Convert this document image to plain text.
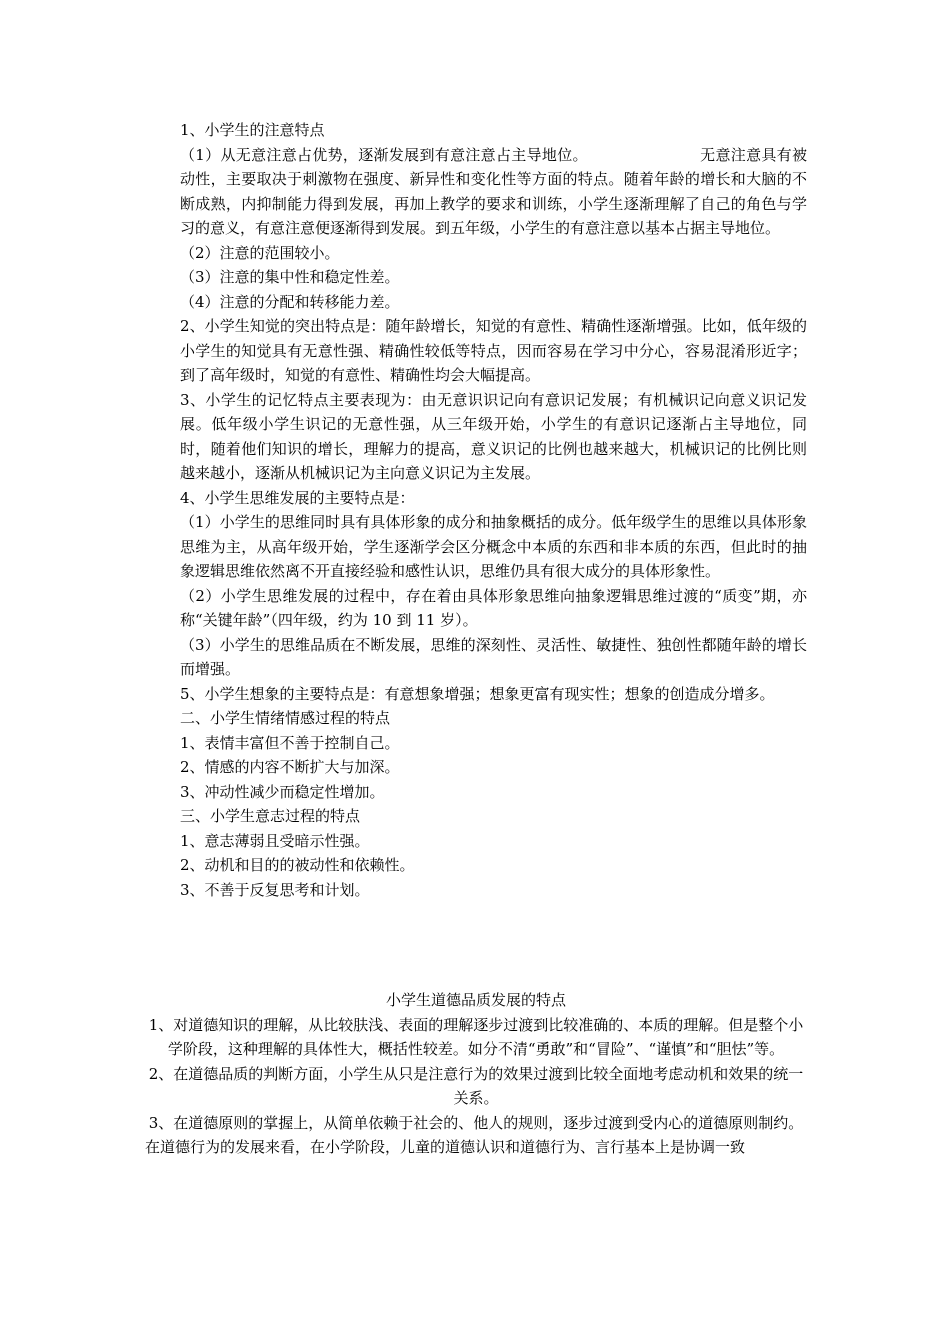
1、小学生的注意特点

（1）从无意注意占优势，逐渐发展到有意注意占主导地位。	无意注意具有被动性，主要取决于刺激物在强度、新异性和变化性等方面的特点。随着年龄的增长和大脑的不断成熟，内抑制能力得到发展，再加上教学的要求和训练，小学生逐渐理解了自己的角色与学习的意义，有意注意便逐渐得到发展。到五年级，小学生的有意注意以基本占据主导地位。

（2）注意的范围较小。

（3）注意的集中性和稳定性差。

（4）注意的分配和转移能力差。

2、小学生知觉的突出特点是：随年龄增长，知觉的有意性、精确性逐渐增强。比如，低年级的小学生的知觉具有无意性强、精确性较低等特点，因而容易在学习中分心，容易混淆形近字；到了高年级时，知觉的有意性、精确性均会大幅提高。

3、小学生的记忆特点主要表现为：由无意识识记向有意识记发展；有机械识记向意义识记发展。低年级小学生识记的无意性强，从三年级开始，小学生的有意识记逐渐占主导地位，同时，随着他们知识的增长，理解力的提高，意义识记的比例也越来越大，机械识记的比例比则越来越小，逐渐从机械识记为主向意义识记为主发展。

4、小学生思维发展的主要特点是：

（1）小学生的思维同时具有具体形象的成分和抽象概括的成分。低年级学生的思维以具体形象思维为主，从高年级开始，学生逐渐学会区分概念中本质的东西和非本质的东西，但此时的抽象逻辑思维依然离不开直接经验和感性认识，思维仍具有很大成分的具体形象性。

（2）小学生思维发展的过程中，存在着由具体形象思维向抽象逻辑思维过渡的“质变”期，亦称“关键年龄”（四年级，约为 10 到 11 岁）。

（3）小学生的思维品质在不断发展，思维的深刻性、灵活性、敏捷性、独创性都随年龄的增长而增强。

5、小学生想象的主要特点是：有意想象增强；想象更富有现实性；想象的创造成分增多。

二、小学生情绪情感过程的特点

1、表情丰富但不善于控制自己。

2、情感的内容不断扩大与加深。

3、冲动性减少而稳定性增加。

三、小学生意志过程的特点

1、意志薄弱且受暗示性强。

2、动机和目的的被动性和依赖性。

3、不善于反复思考和计划。

小学生道德品质发展的特点

1、对道德知识的理解，从比较肤浅、表面的理解逐步过渡到比较准确的、本质的理解。但是整个小学阶段，这种理解的具体性大，概括性较差。如分不清“勇敢”和“冒险”、“谨慎”和“胆怯”等。

2、在道德品质的判断方面，小学生从只是注意行为的效果过渡到比较全面地考虑动机和效果的统一关系。

3、在道德原则的掌握上，从简单依赖于社会的、他人的规则，逐步过渡到受内心的道德原则制约。

在道德行为的发展来看，在小学阶段，儿童的道德认识和道德行为、言行基本上是协调一致
